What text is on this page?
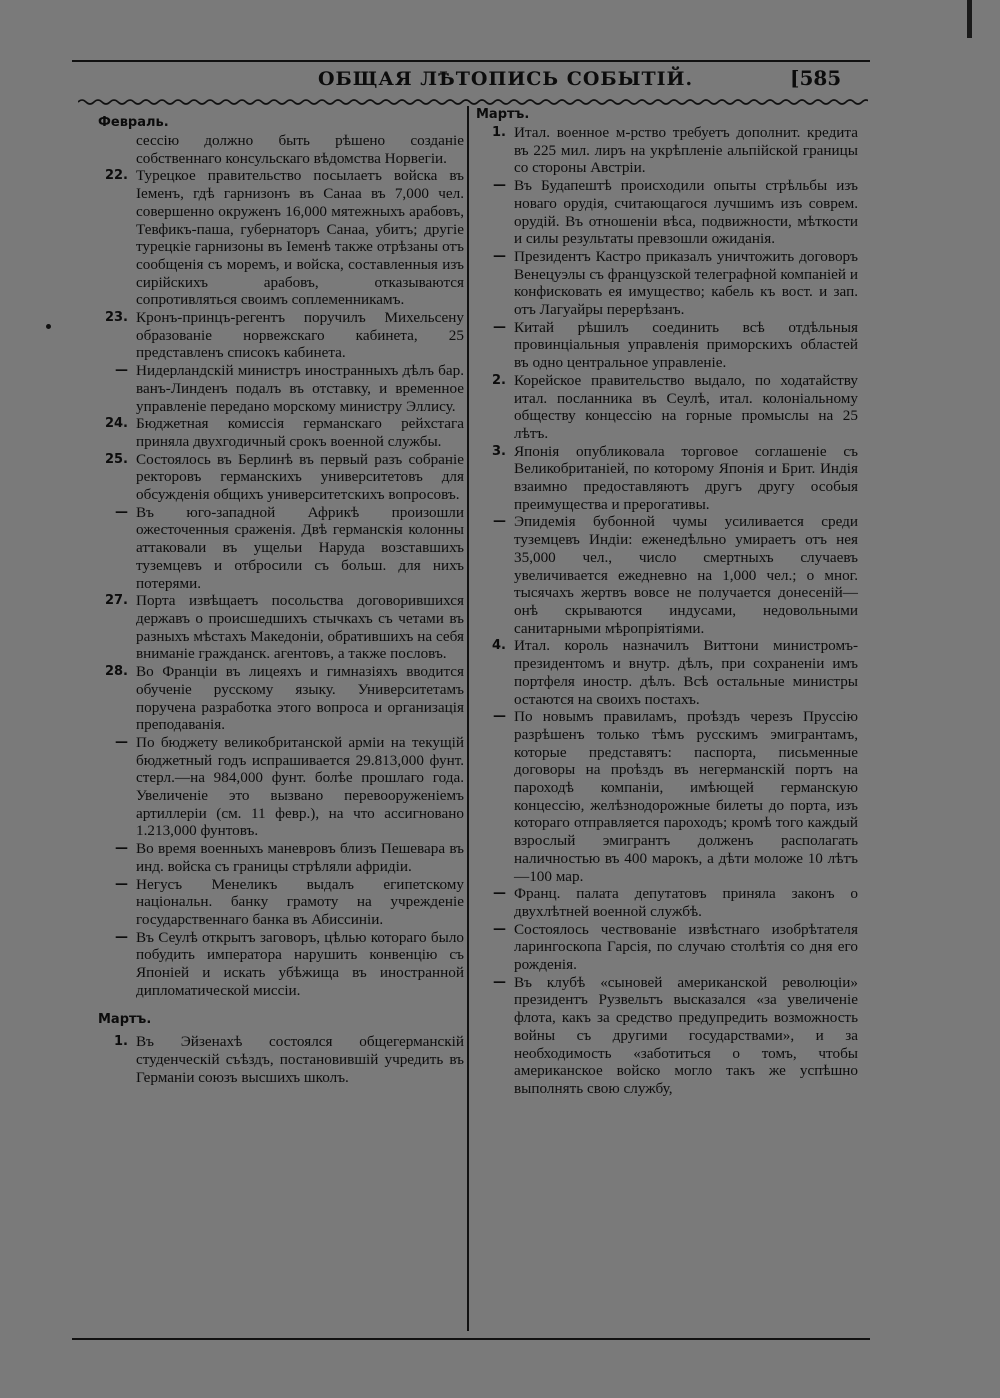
ОБЩАЯ ЛѢТОПИСЬ СОБЫТІЙ.	[585
Февраль.
сессію должно быть рѣшено созданіе собственнаго консульскаго вѣдомства Норвегіи.
22. Турецкое правительство посылаетъ войска въ Іеменъ, гдѣ гарнизонъ въ Санаа въ 7,000 чел. совершенно окруженъ 16,000 мятежныхъ арабовъ, Тевфикъ-паша, губернаторъ Санаа, убитъ; другіе турецкіе гарнизоны въ Іеменѣ также отрѣзаны отъ сообщенія съ моремъ, и войска, составленныя изъ сирійскихъ арабовъ, отказываются сопротивляться своимъ соплеменникамъ.
23. Кронъ-принцъ-регентъ поручилъ Михельсену образованіе норвежскаго кабинета, 25 представленъ списокъ кабинета.
— Нидерландскій министръ иностранныхъ дѣлъ бар. ванъ-Линденъ подалъ въ отставку, и временное управленіе передано морскому министру Эллису.
24. Бюджетная комиссія германскаго рейхстага приняла двухгодичный срокъ военной службы.
25. Состоялось въ Берлинѣ въ первый разъ собраніе ректоровъ германскихъ университетовъ для обсужденія общихъ университетскихъ вопросовъ.
— Въ юго-западной Африкѣ произошли ожесточенныя сраженія. Двѣ германскія колонны аттаковали въ ущельи Наруда возставшихъ туземцевъ и отбросили съ больш. для нихъ потерями.
27. Порта извѣщаетъ посольства договорившихся державъ о происшедшихъ стычкахъ съ четами въ разныхъ мѣстахъ Македоніи, обратившихъ на себя вниманіе гражданск. агентовъ, а также пословъ.
28. Во Франціи въ лицеяхъ и гимназіяхъ вводится обученіе русскому языку. Университетамъ поручена разработка этого вопроса и организація преподаванія.
— По бюджету великобританской арміи на текущій бюджетный годъ испрашивается 29.813,000 фунт. стерл.—на 984,000 фунт. болѣе прошлаго года. Увеличеніе это вызвано перевооруженіемъ артиллеріи (см. 11 февр.), на что ассигновано 1.213,000 фунтовъ.
— Во время военныхъ маневровъ близъ Пешевара въ инд. войска съ границы стрѣляли афридіи.
— Негусъ Менеликъ выдалъ египетскому національн. банку грамоту на учрежденіе государственнаго банка въ Абиссиніи.
— Въ Сеулѣ открытъ заговоръ, цѣлью котораго было побудить императора нарушить конвенцію съ Японіей и искать убѣжища въ иностранной дипломатической миссіи.
Мартъ.
1. Въ Эйзенахѣ состоялся общегерманскій студенческій съѣздъ, постановившій учредить въ Германіи союзъ высшихъ школъ.
Мартъ.
1. Итал. военное м-рство требуетъ дополнит. кредита въ 225 мил. лиръ на укрѣпленіе альпійской границы со стороны Австріи.
— Въ Будапештѣ происходили опыты стрѣльбы изъ новаго орудія, считающагося лучшимъ изъ соврем. орудій. Въ отношеніи вѣса, подвижности, мѣткости и силы результаты превзошли ожиданія.
— Президентъ Кастро приказалъ уничтожить договоръ Венецуэлы съ французской телеграфной компаніей и конфисковать ея имущество; кабель къ вост. и зап. отъ Лагуайры перерѣзанъ.
— Китай рѣшилъ соединить всѣ отдѣльныя провинціальныя управленія приморскихъ областей въ одно центральное управленіе.
2. Корейское правительство выдало, по ходатайству итал. посланника въ Сеулѣ, итал. колоніальному обществу концессію на горные промыслы на 25 лѣтъ.
3. Японія опубликовала торговое соглашеніе съ Великобританіей, по которому Японія и Брит. Индія взаимно предоставляютъ другъ другу особыя преимущества и прерогативы.
— Эпидемія бубонной чумы усиливается среди туземцевъ Индіи: еженедѣльно умираетъ отъ нея 35,000 чел., число смертныхъ случаевъ увеличивается ежедневно на 1,000 чел.; о мног. тысячахъ жертвъ вовсе не получается донесеній—онѣ скрываются индусами, недовольными санитарными мѣропріятіями.
4. Итал. король назначилъ Виттони министромъ-президентомъ и внутр. дѣлъ, при сохраненіи имъ портфеля иностр. дѣлъ. Всѣ остальные министры остаются на своихъ постахъ.
— По новымъ правиламъ, проѣздъ черезъ Пруссію разрѣшенъ только тѣмъ русскимъ эмигрантамъ, которые представятъ: паспорта, письменные договоры на проѣздъ въ негерманскій портъ на пароходѣ компаніи, имѣющей германскую концессію, желѣзнодорожные билеты до порта, изъ котораго отправляется пароходъ; кромѣ того каждый взрослый эмигрантъ долженъ располагать наличностью въ 400 марокъ, а дѣти моложе 10 лѣтъ—100 мар.
— Франц. палата депутатовъ приняла законъ о двухлѣтней военной службѣ.
— Состоялось чествованіе извѣстнаго изобрѣтателя ларингоскопа Гарсія, по случаю столѣтія со дня его рожденія.
— Въ клубѣ «сыновей американской революціи» президентъ Рузвельтъ высказался «за увеличеніе флота, какъ за средство предупредить возможность войны съ другими государствами», и за необходимость «заботиться о томъ, чтобы американское войско могло такъ же успѣшно выполнять свою службу,
